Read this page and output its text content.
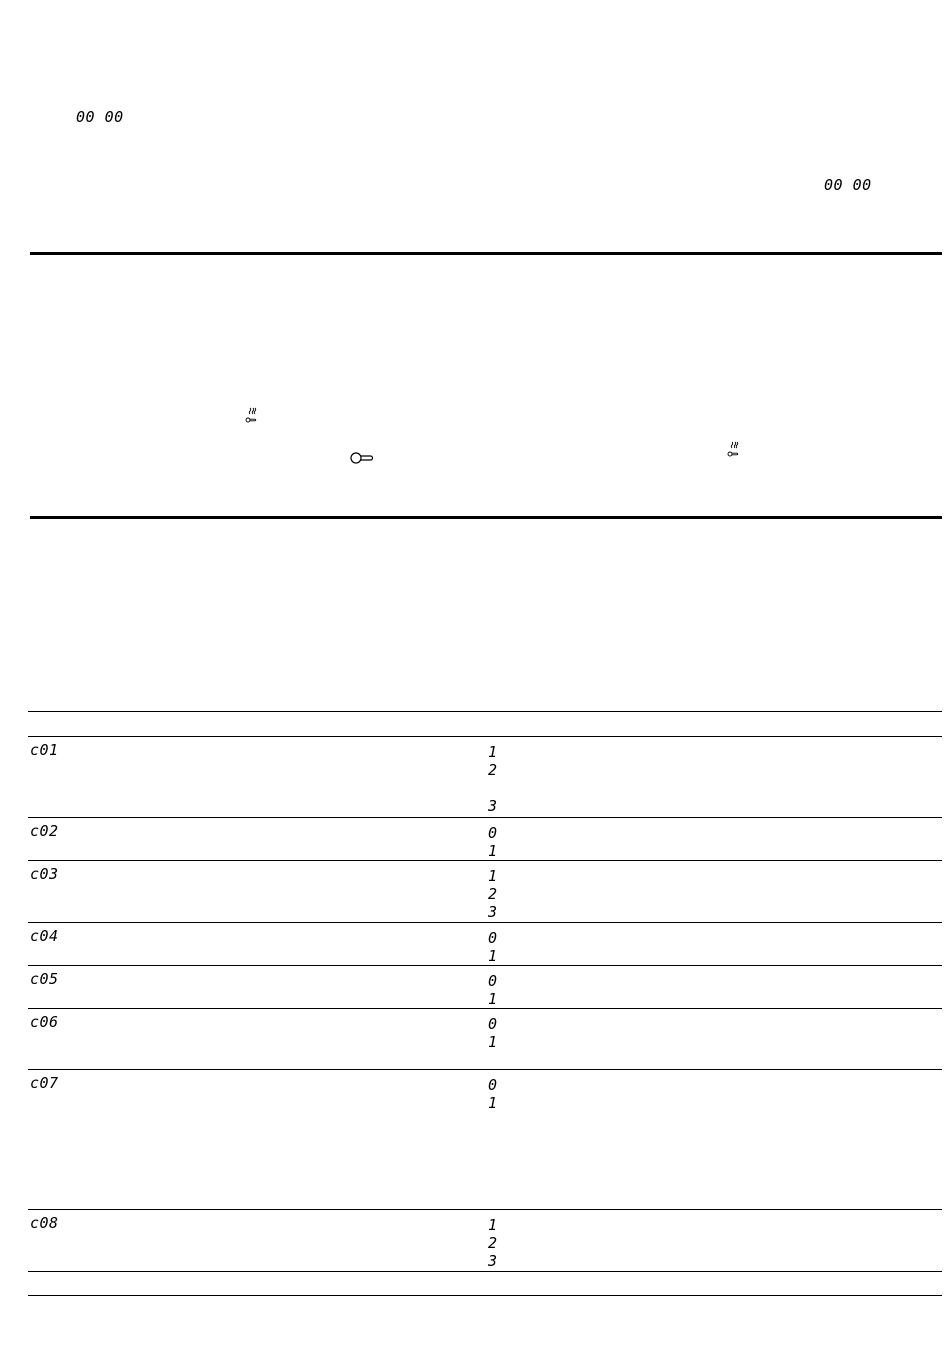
00 00
00 00
c01	1
2
3
c02	0
1
c03	1
2
3
c04	0
1
c05	0
1
c06	0
1
c07	0
1
c08	1
2
3
